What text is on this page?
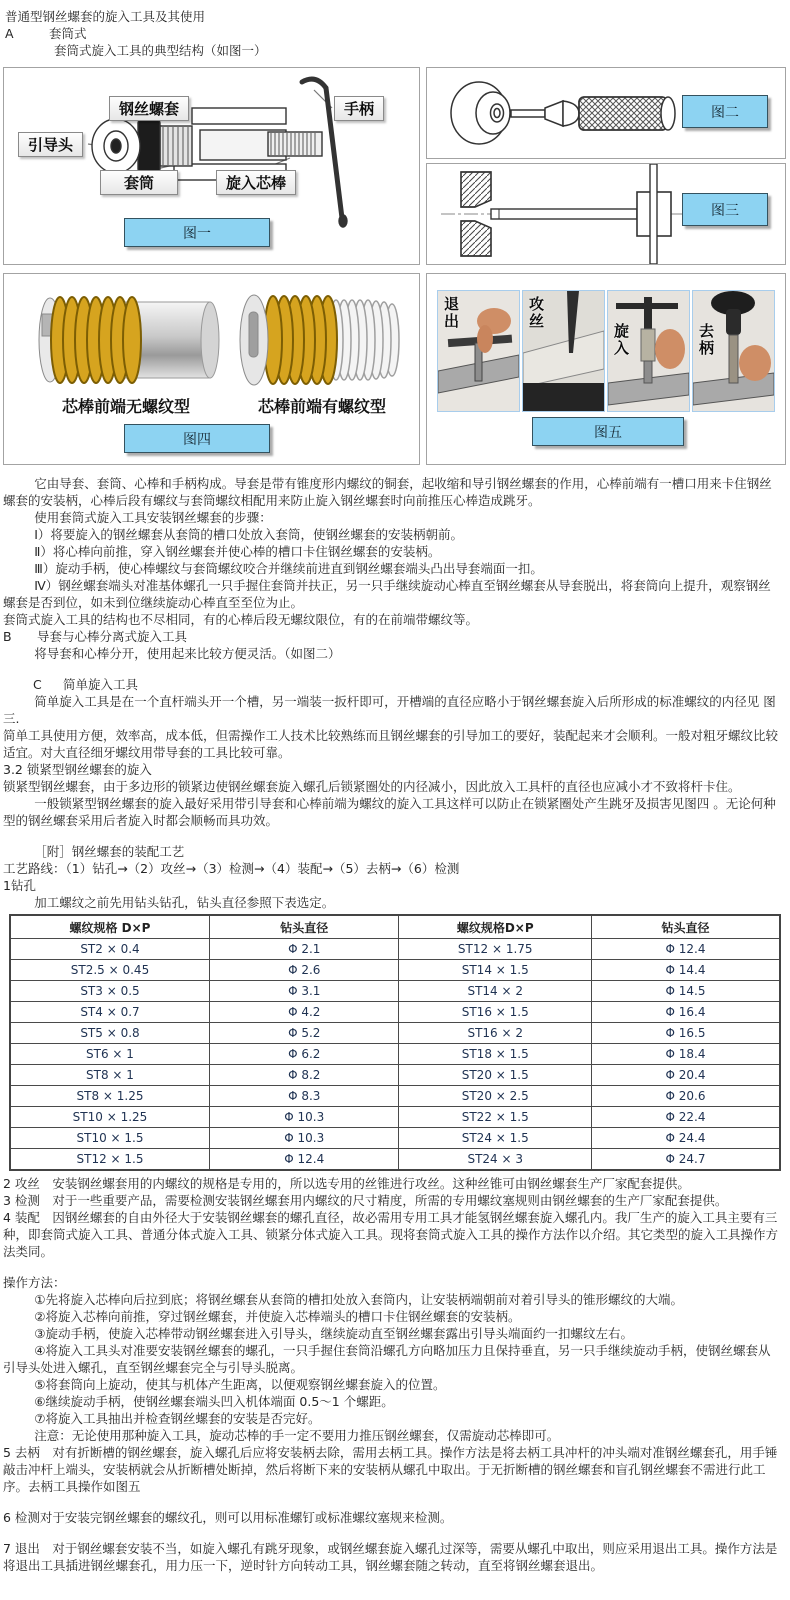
普通型钢丝螺套的旋入工具及其使用

A	套筒式

套筒式旋入工具的典型结构（如图一）

钢丝螺套	手柄
引导头
套筒	旋入芯棒
图一
图二
图三
芯棒前端无螺纹型	芯棒前端有螺纹型
图四
退出	攻丝
旋入	去柄
图五

它由导套、套筒、心棒和手柄构成。导套是带有锥度形内螺纹的铜套，起收缩和导引钢丝螺套的作用，心棒前端有一槽口用来卡住钢丝螺套的安装柄，心棒后段有螺纹与套筒螺纹相配用来防止旋入钢丝螺套时向前推压心棒造成跳牙。

使用套筒式旋入工具安装钢丝螺套的步骤：

Ⅰ）将要旋入的钢丝螺套从套筒的槽口处放入套筒，使钢丝螺套的安装柄朝前。

Ⅱ）将心棒向前推，穿入钢丝螺套并使心棒的槽口卡住钢丝螺套的安装柄。

Ⅲ）旋动手柄，使心棒螺纹与套筒螺纹咬合并继续前进直到钢丝螺套端头凸出导套端面一扣。

Ⅳ）钢丝螺套端头对准基体螺孔一只手握住套筒并扶正，另一只手继续旋动心棒直至钢丝螺套从导套脱出，将套筒向上提升，观察钢丝螺套是否到位，如未到位继续旋动心棒直至至位为止。

套筒式旋入工具的结构也不尽相同，有的心棒后段无螺纹限位，有的在前端带螺纹等。

B 导套与心棒分离式旋入工具

将导套和心棒分开，使用起来比较方便灵活。（如图二）

C 简单旋入工具

简单旋入工具是在一个直杆端头开一个槽，另一端装一扳杆即可，开槽端的直径应略小于钢丝螺套旋入后所形成的标准螺纹的内径见 图三.

简单工具使用方便，效率高，成本低，但需操作工人技术比较熟练而且钢丝螺套的引导加工的要好，装配起来才会顺利。一般对粗牙螺纹比较适宜。对大直径细牙螺纹用带导套的工具比较可靠。

3.2 锁紧型钢丝螺套的旋入

锁紧型钢丝螺套，由于多边形的锁紧边使钢丝螺套旋入螺孔后锁紧圈处的内径减小，因此放入工具杆的直径也应减小才不致将杆卡住。

一般锁紧型钢丝螺套的旋入最好采用带引导套和心棒前端为螺纹的旋入工具这样可以防止在锁紧圈处产生跳牙及损害见图四 。无论何种型的钢丝螺套采用后者旋入时都会顺畅而具功效。

［附］钢丝螺套的装配工艺

工艺路线：（1）钻孔→（2）攻丝→（3）检测→（4）装配→（5）去柄→（6）检测

1钻孔

加工螺纹之前先用钻头钻孔，钻头直径参照下表选定。

螺纹规格 D×P	钻头直径	螺纹规格D×P	钻头直径
ST2 × 0.4	Φ 2.1	ST12 × 1.75	Φ 12.4
ST2.5 × 0.45	Φ 2.6	ST14 × 1.5	Φ 14.4
ST3 × 0.5	Φ 3.1	ST14 × 2	Φ 14.5
ST4 × 0.7	Φ 4.2	ST16 × 1.5	Φ 16.4
ST5 × 0.8	Φ 5.2	ST16 × 2	Φ 16.5
ST6 × 1	Φ 6.2	ST18 × 1.5	Φ 18.4
ST8 × 1	Φ 8.2	ST20 × 1.5	Φ 20.4
ST8 × 1.25	Φ 8.3	ST20 × 2.5	Φ 20.6
ST10 × 1.25	Φ 10.3	ST22 × 1.5	Φ 22.4
ST10 × 1.5	Φ 10.3	ST24 × 1.5	Φ 24.4
ST12 × 1.5	Φ 12.4	ST24 × 3	Φ 24.7

2 攻丝　安装钢丝螺套用的内螺纹的规格是专用的，所以选专用的丝锥进行攻丝。这种丝锥可由钢丝螺套生产厂家配套提供。

3 检测　对于一些重要产品，需要检测安装钢丝螺套用内螺纹的尺寸精度，所需的专用螺纹塞规则由钢丝螺套的生产厂家配套提供。

4 装配　因钢丝螺套的自由外径大于安装钢丝螺套的螺孔直径，故必需用专用工具才能氢钢丝螺套旋入螺孔内。我厂生产的旋入工具主要有三种，即套筒式旋入工具、普通分体式旋入工具、锁紧分体式旋入工具。现将套筒式旋入工具的操作方法作以介绍。其它类型的旋入工具操作方法类同。

操作方法：

①先将旋入芯棒向后拉到底；将钢丝螺套从套筒的槽扣处放入套筒内，让安装柄端朝前对着引导头的锥形螺纹的大端。

②将旋入芯棒向前推，穿过钢丝螺套，并使旋入芯棒端头的槽口卡住钢丝螺套的安装柄。

③旋动手柄，使旋入芯棒带动钢丝螺套进入引导头，继续旋动直至钢丝螺套露出引导头端面约一扣螺纹左右。

④将旋入工具头对准要安装钢丝螺套的螺孔，一只手握住套筒沿螺孔方向略加压力且保持垂直，另一只手继续旋动手柄，使钢丝螺套从引导头处进入螺孔，直至钢丝螺套完全与引导头脱离。

⑤将套筒向上旋动，使其与机体产生距离，以便观察钢丝螺套旋入的位置。

⑥继续旋动手柄，使钢丝螺套端头凹入机体端面 0.5～1 个螺距。

⑦将旋入工具抽出并检查钢丝螺套的安装是否完好。

注意：无论使用那种旋入工具，旋动芯棒的手一定不要用力推压钢丝螺套，仅需旋动芯棒即可。

5 去柄　对有折断槽的钢丝螺套，旋入螺孔后应将安装柄去除，需用去柄工具。操作方法是将去柄工具冲杆的冲头端对准钢丝螺套孔，用手锤敲击冲杆上端头，安装柄就会从折断槽处断掉，然后将断下来的安装柄从螺孔中取出。于无折断槽的钢丝螺套和盲孔钢丝螺套不需进行此工序。去柄工具操作如图五

6 检测对于安装完钢丝螺套的螺纹孔，则可以用标准螺钉或标准螺纹塞规来检测。

7 退出　对于钢丝螺套安装不当，如旋入螺孔有跳牙现象，或钢丝螺套旋入螺孔过深等，需要从螺孔中取出，则应采用退出工具。操作方法是将退出工具插进钢丝螺套孔，用力压一下，逆时针方向转动工具，钢丝螺套随之转动，直至将钢丝螺套退出。
